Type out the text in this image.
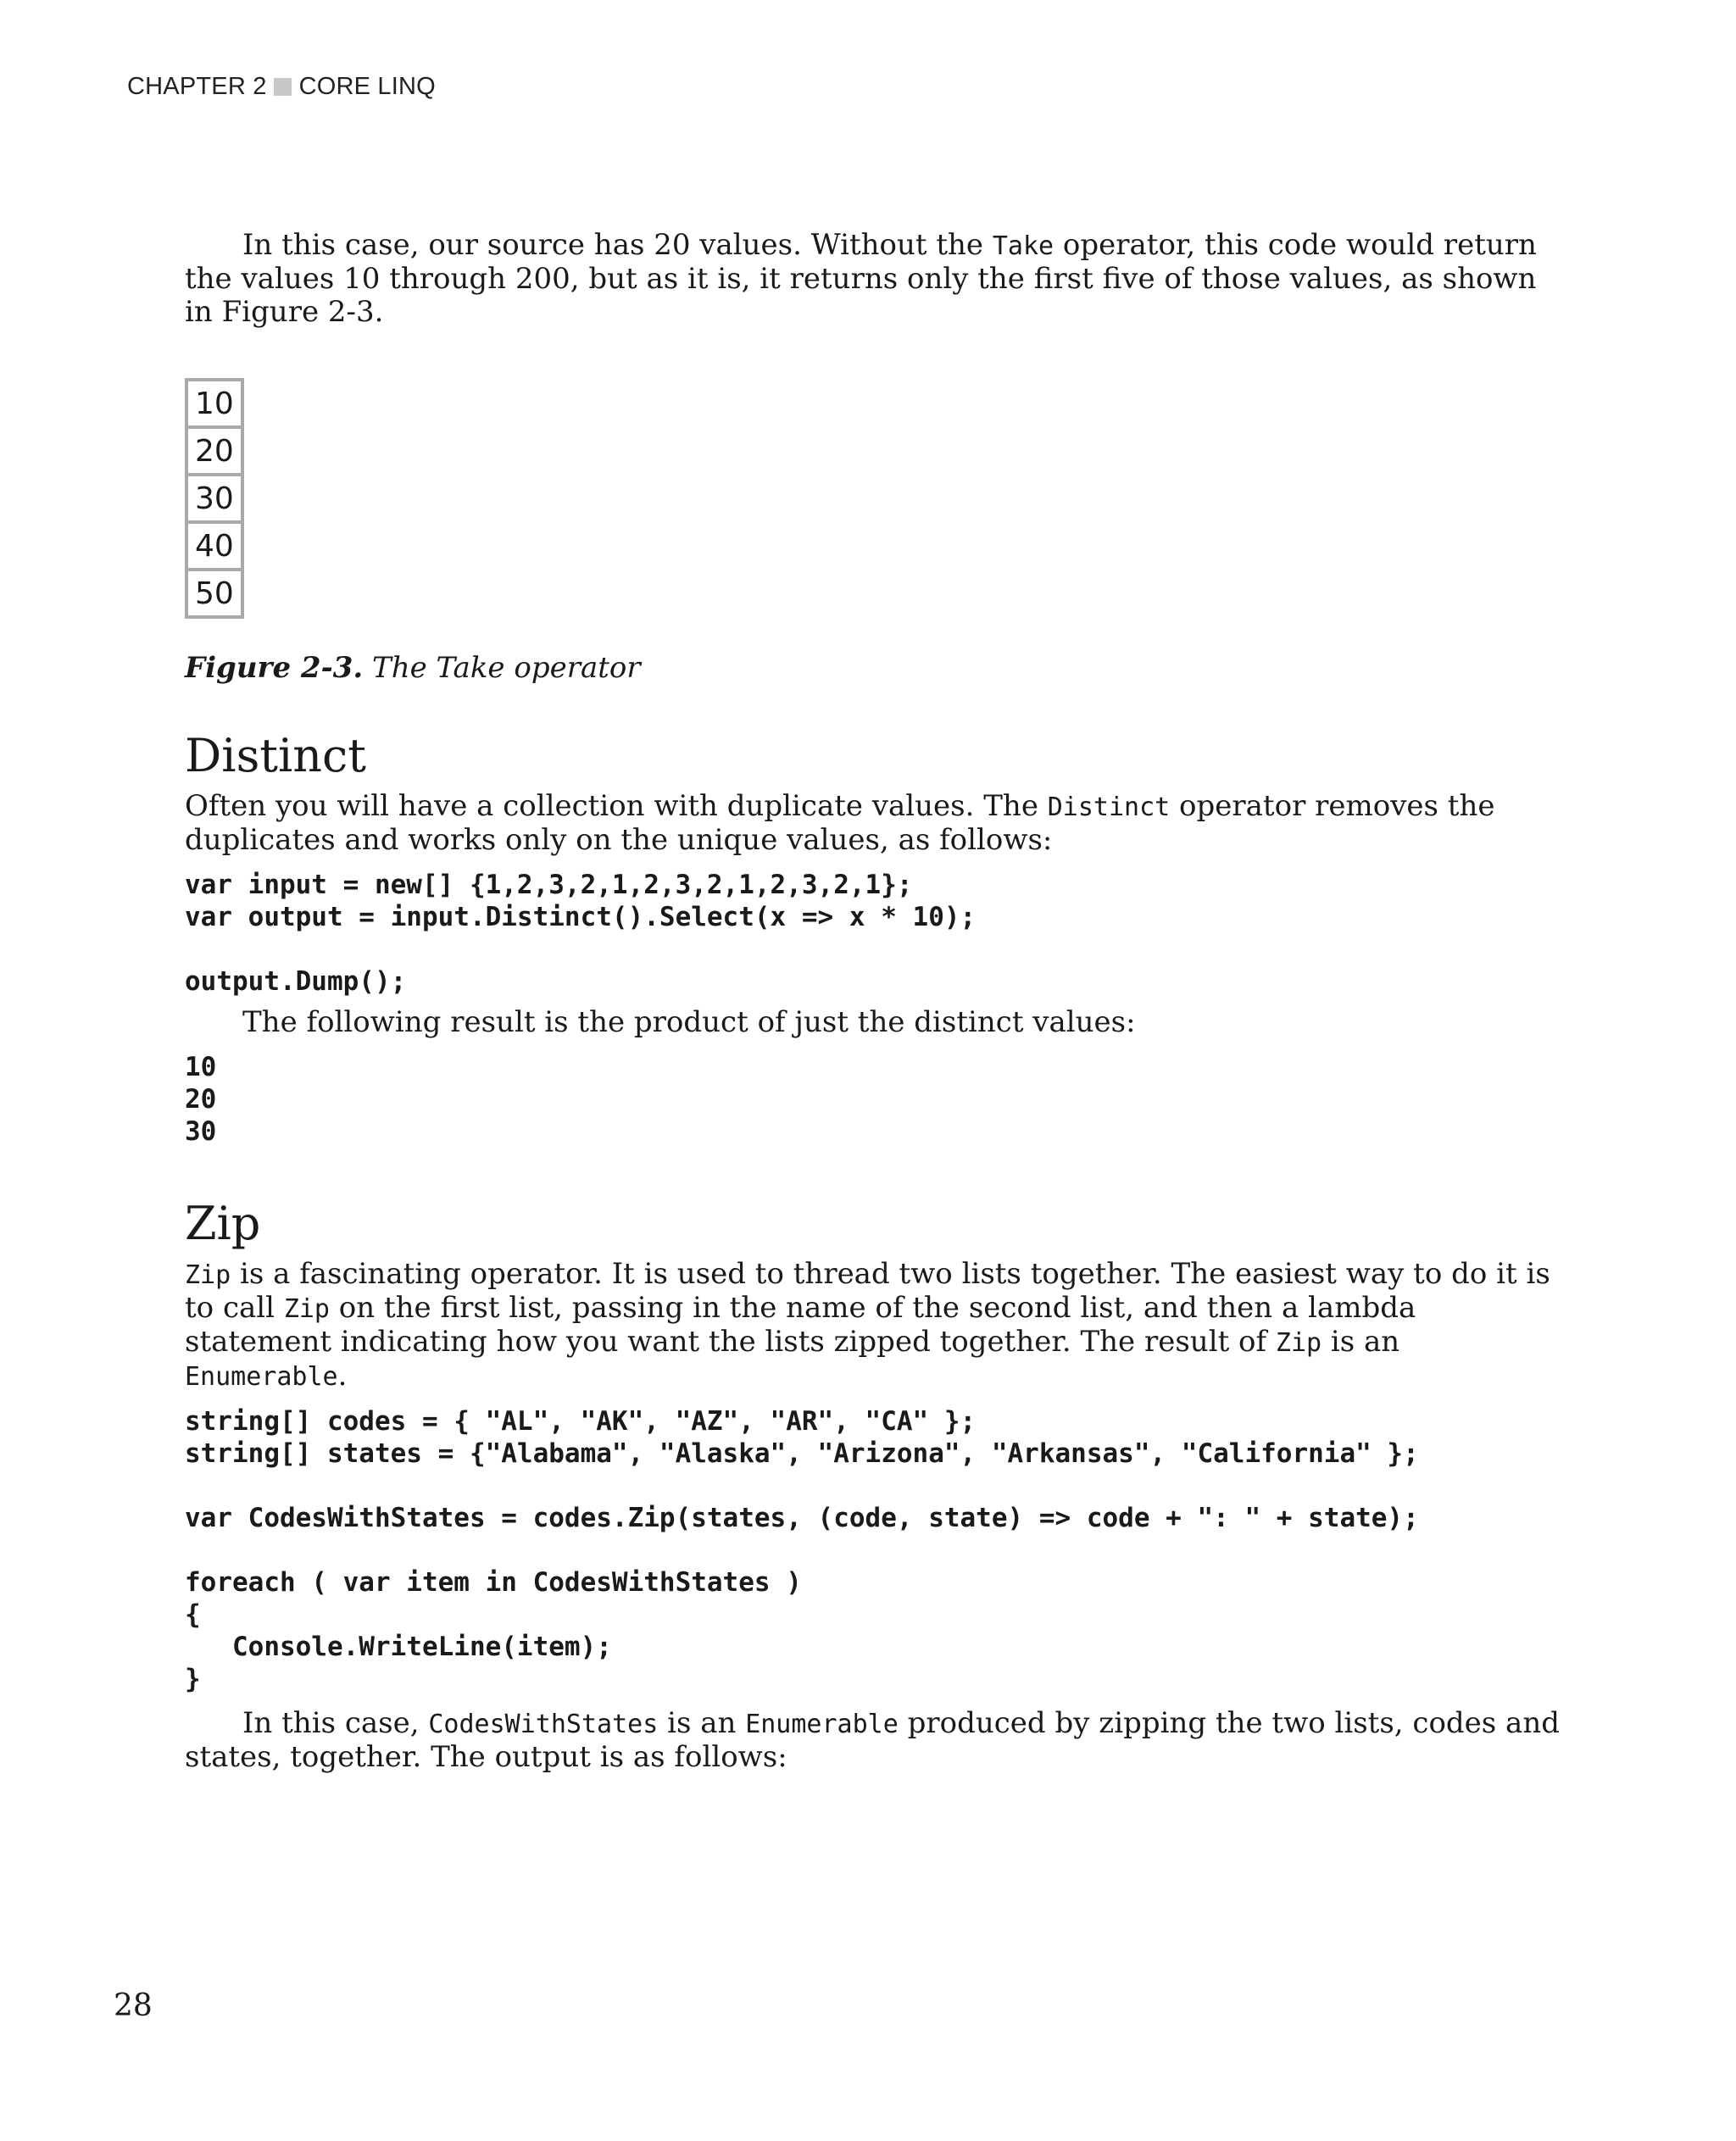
CHAPTER 2 CORE LINQ

In this case, our source has 20 values. Without the Take operator, this code would return the values 10 through 200, but as it is, it returns only the first five of those values, as shown in Figure 2-3.

10
20
30
40
50

Figure 2-3. The Take operator

Distinct

Often you will have a collection with duplicate values. The Distinct operator removes the duplicates and works only on the unique values, as follows:

var input = new[] {1,2,3,2,1,2,3,2,1,2,3,2,1};
var output = input.Distinct().Select(x => x * 10);
output.Dump();

The following result is the product of just the distinct values:

10
20
30
Zip

Zip is a fascinating operator. It is used to thread two lists together. The easiest way to do it is to call Zip on the first list, passing in the name of the second list, and then a lambda statement indicating how you want the lists zipped together. The result of Zip is an Enumerable.

string[] codes = { "AL", "AK", "AZ", "AR", "CA" };
string[] states = {"Alabama", "Alaska", "Arizona", "Arkansas", "California" };
var CodesWithStates = codes.Zip(states, (code, state) => code + ": " + state);
foreach ( var item in CodesWithStates )
{
Console.WriteLine(item);
}

In this case, CodesWithStates is an Enumerable produced by zipping the two lists, codes and states, together. The output is as follows:

28
